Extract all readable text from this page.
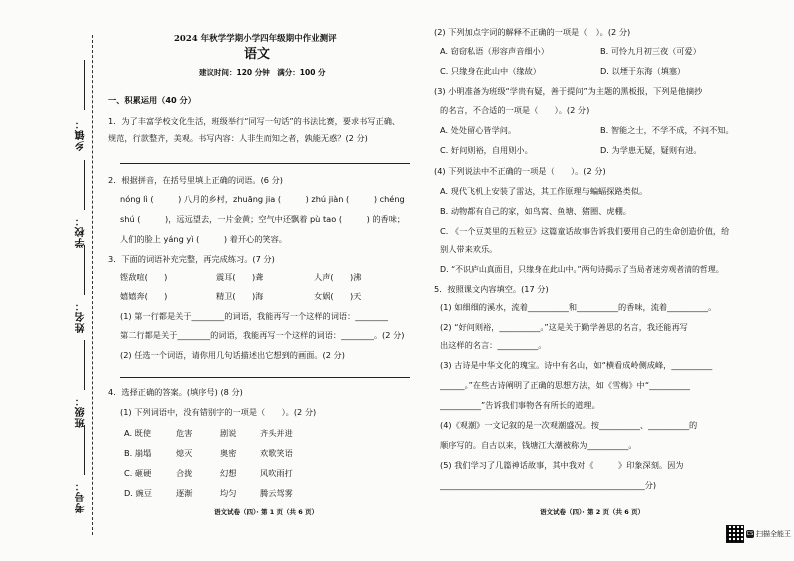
乡镇：
学校：
姓名：
班级：
考号：
2024 年秋学学期小学四年级期中作业测评
语文
建议时间：120 分钟　满分：100 分
一、积累运用（40 分）
1．为了丰富学校文化生活，班级举行“同写一句话”的书法比赛，要求书写正确、
规范，行款整齐，美观。书写内容：人非生而知之者，孰能无惑？(2 分)
2．根据拼音，在括号里填上正确的词语。(6 分)
nóng lì (　　　) 八月的乡村，zhuāng jia (　　　) zhú jiàn (　　　) chéng
shú (　　　)，远远望去，一片金黄；空气中还飘着 pù tao (　　　) 的香味；
人们的脸上 yáng yì (　　　) 着开心的笑容。
3．下面的词语补充完整，再完成练习。(7 分)
铿敌喧(　　)	震耳(　　)聋	人声(　　)沸
嬉嬉奔(　　)	精卫(　　)海	女娲(　　)天
(1) 第一行都是关于________的词语，我能再写一个这样的词语：________
第二行都是关于________的词语，我能再写一个这样的词语：________。(2 分)
(2) 任选一个词语，请你用几句话描述出它想到的画面。(2 分)
4．选择正确的答案。(填序号) (8 分)
(1) 下列词语中，没有错别字的一项是（　　）。(2 分)
A. 既使	危害	剧说	齐头并进
B. 崩塌	熄灭	奥密	欢歌笑语
C. 砸硬	合拢	幻想	风吹雨打
D. 豌豆	逐渐	均匀	腾云驾雾
语文试卷（四）· 第 1 页（共 6 页）
(2) 下列加点字词的解释不正确的一项是（　）。(2 分)
A. 窃窃私语（形容声音细小）	B. 可怜九月初三夜（可爱）
C. 只缘身在此山中（缘故）	D. 以堙于东海（填塞）
(3) 小明准备为班级“学贵有疑，善于提问”为主题的黑板报，下列是他摘抄
的名言，不合适的一项是（　　）。(2 分)
A. 处处留心皆学问。	B. 智能之士，不学不成，不问不知。
C. 好问则裕，自用则小。	D. 为学患无疑，疑则有进。
(4) 下列说法中不正确的一项是（　　）。(2 分)
A. 现代飞机上安装了雷达，其工作原理与蝙蝠探路类似。
B. 动物都有自己的家，如鸟窝、鱼塘、猪圈、虎棚。
C. 《一个豆荚里的五粒豆》这篇童话故事告诉我们要用自己的生命创造价值，给
别人带来欢乐。
D. “不识庐山真面目，只缘身在此山中。”两句诗揭示了当局者迷旁观者清的哲理。
5．按照课文内容填空。(17 分)
(1) 如细细的溪水，流着__________和__________的香味，流着__________。
(2) “好问则裕，__________。”这是关于勤学善思的名言，我还能再写
出这样的名言：__________。
(3) 古诗是中华文化的瑰宝。诗中有名山，如“横看成岭侧成峰，__________
______。”在些古诗阐明了正确的思想方法，如《雪梅》中“__________
__________”告诉我们事物各有所长的道理。
(4)《观潮》一文记叙的是一次观潮盛况。按__________、__________的
顺序写的。自古以来，钱塘江大潮被称为__________。
(5) 我们学习了几篇神话故事，其中我对《　　　》印象深刻。因为
__________________________________________________分)
语文试卷（四）· 第 2 页（共 6 页）
CS 扫描全能王
